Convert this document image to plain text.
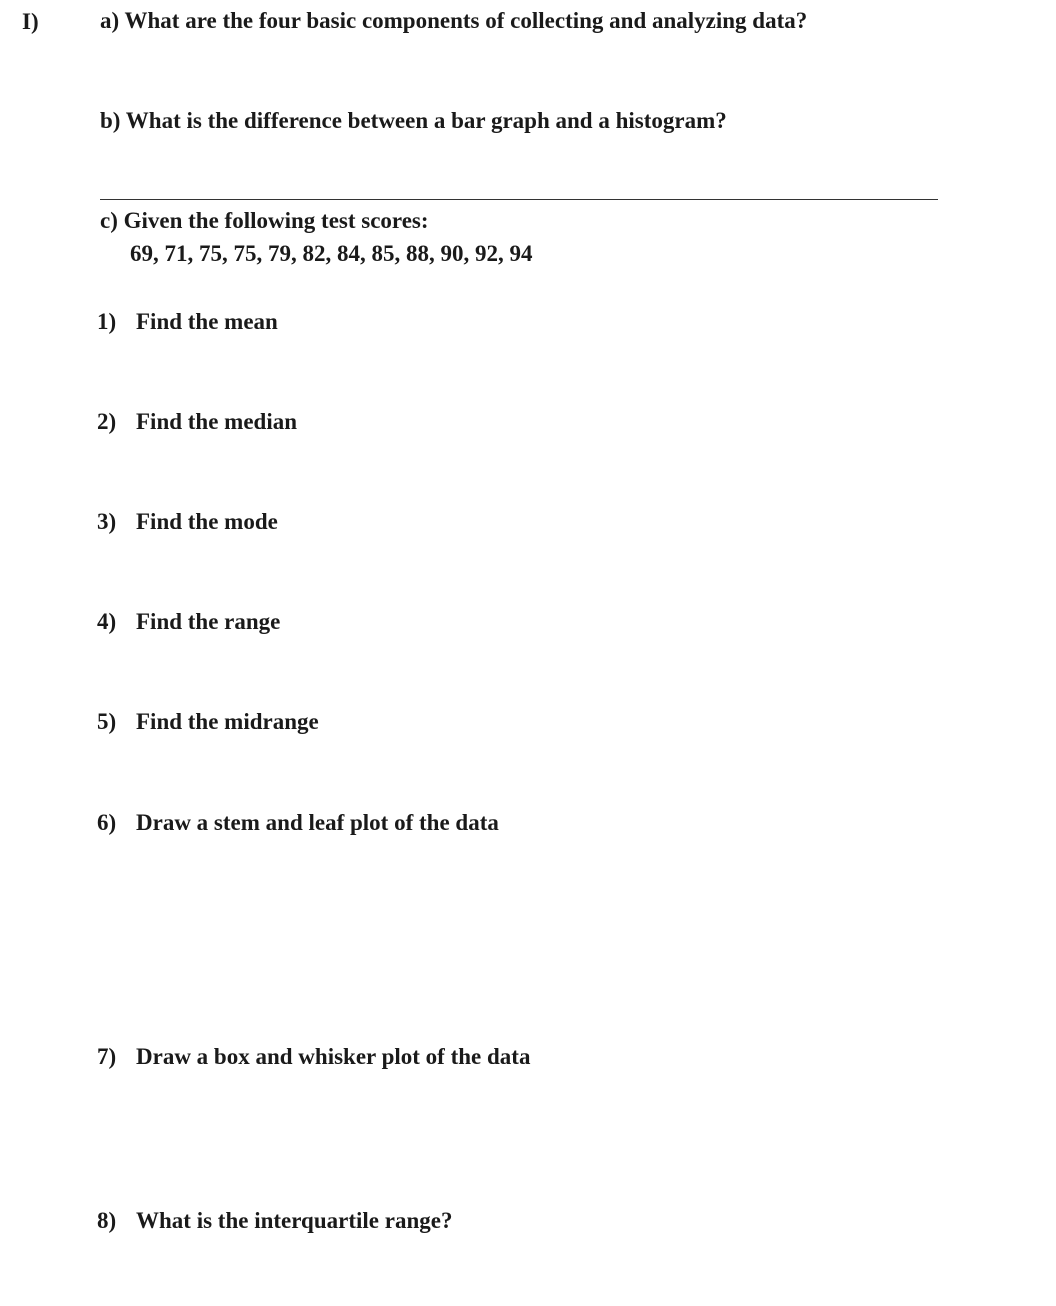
I)	a) What are the four basic components of collecting and analyzing data?
b) What is the difference between a bar graph and a histogram?
c) Given the following test scores:
69, 71, 75, 75, 79, 82, 84, 85, 88, 90, 92, 94
1) Find the mean
2) Find the median
3) Find the mode
4) Find the range
5) Find the midrange
6) Draw a stem and leaf plot of the data
7) Draw a box and whisker plot of the data
8) What is the interquartile range?
